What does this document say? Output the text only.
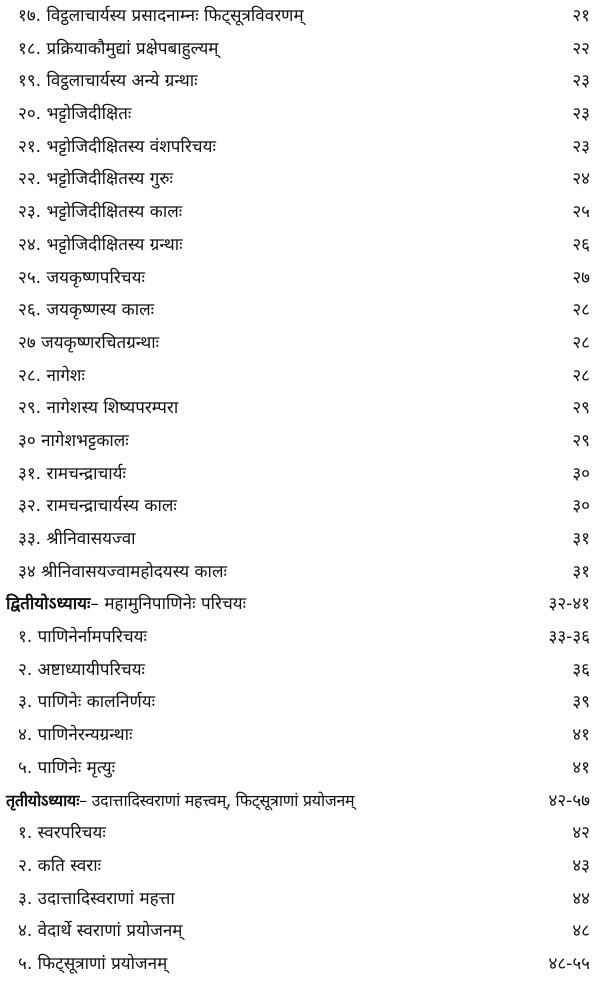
१७. विट्ठलाचार्यस्य प्रसादनाम्नः फिट्सूत्रविवरणम्	२१
१८. प्रक्रियाकौमुद्यां प्रक्षेपबाहुल्यम्	२२
१९. विट्ठलाचार्यस्य अन्ये ग्रन्थाः	२३
२०. भट्टोजिदीक्षितः	२३
२१. भट्टोजिदीक्षितस्य वंशपरिचयः	२३
२२. भट्टोजिदीक्षितस्य गुरुः	२४
२३. भट्टोजिदीक्षितस्य कालः	२५
२४. भट्टोजिदीक्षितस्य ग्रन्थाः	२६
२५. जयकृष्णपरिचयः	२७
२६. जयकृष्णस्य कालः	२८
२७ जयकृष्णरचितग्रन्थाः	२८
२८. नागेशः	२८
२९. नागेशस्य शिष्यपरम्परा	२९
३० नागेशभट्टकालः	२९
३१. रामचन्द्राचार्यः	३०
३२. रामचन्द्राचार्यस्य कालः	३०
३३. श्रीनिवासयज्वा	३१
३४ श्रीनिवासयज्वामहोदयस्य कालः	३१
द्वितीयोऽध्यायः– महामुनिपाणिनेः परिचयः	३२-४१
१. पाणिनेर्नामपरिचयः	३३-३६
२. अष्टाध्यायीपरिचयः	३६
३. पाणिनेः कालनिर्णयः	३९
४. पाणिनेरन्यग्रन्थाः	४१
५. पाणिनेः मृत्युः	४१
तृतीयोऽध्यायः– उदात्तादिस्वराणां महत्त्वम्, फिट्सूत्राणां प्रयोजनम्	४२-५७
१. स्वरपरिचयः	४२
२. कति स्वराः	४३
३. उदात्तादिस्वराणां महत्ता	४४
४. वेदार्थे स्वराणां प्रयोजनम्	४८
५. फिट्सूत्राणां प्रयोजनम्	४८-५५
